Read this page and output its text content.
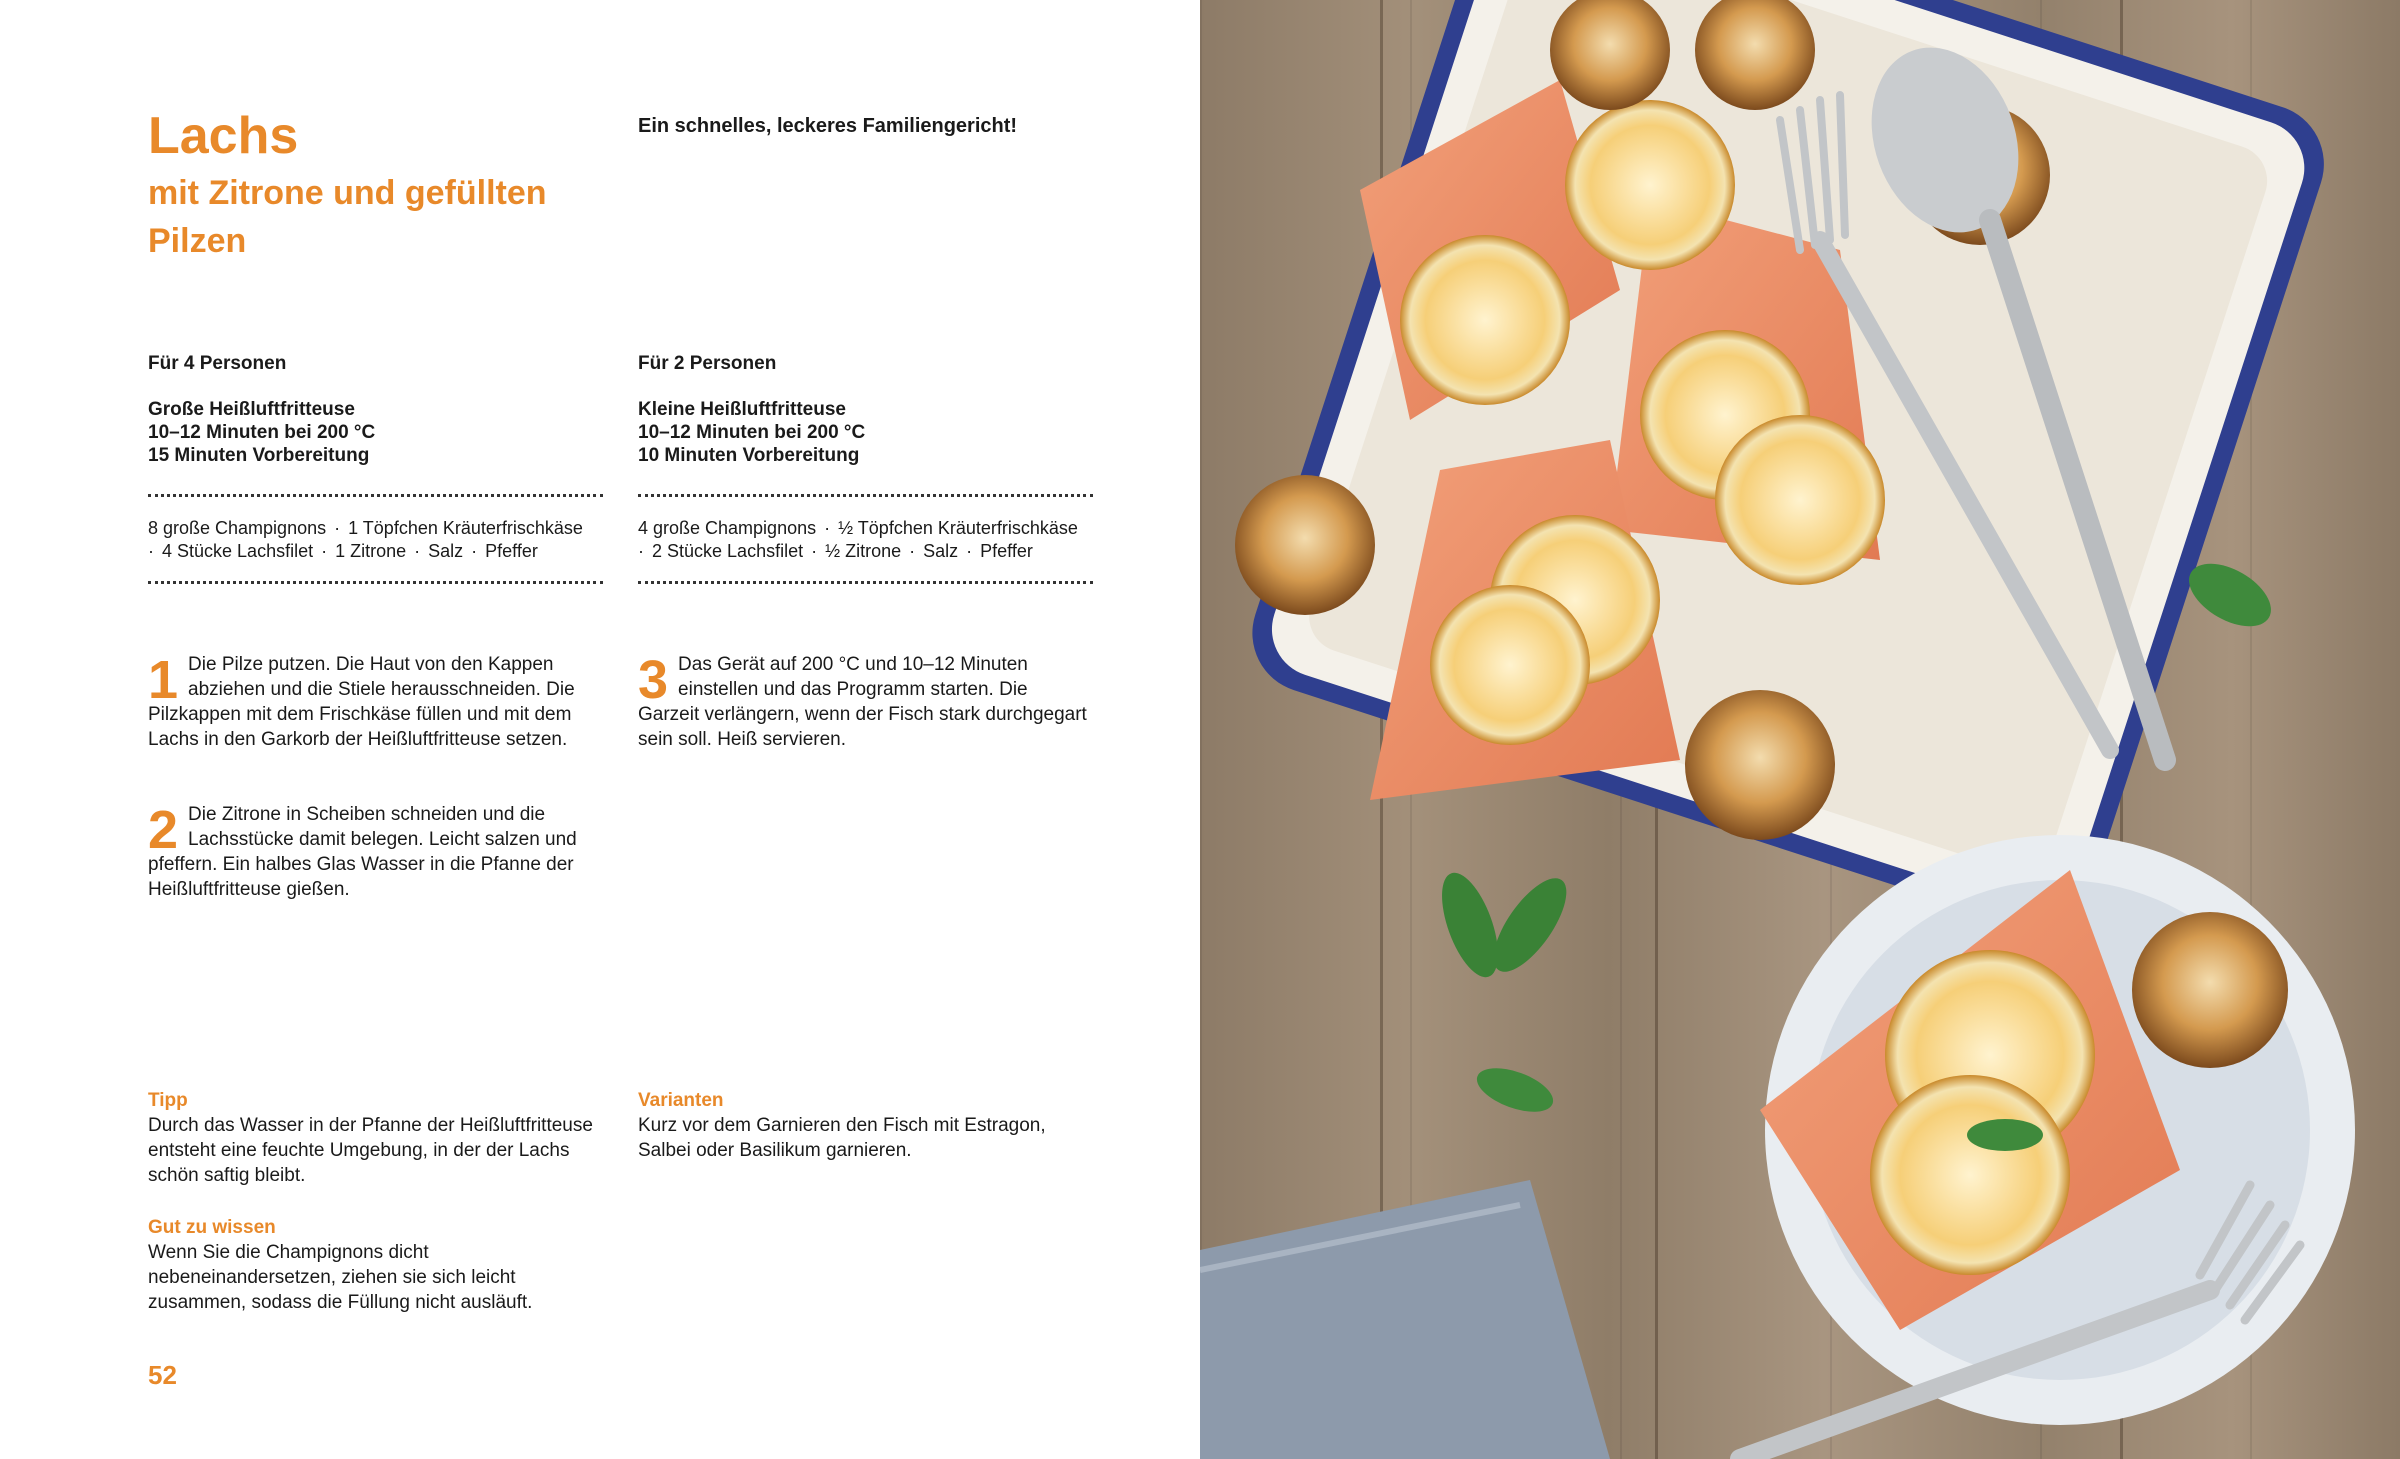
Lachs
mit Zitrone und gefüllten Pilzen
Ein schnelles, leckeres Familiengericht!
Für 4 Personen
Große Heißluftfritteuse
10–12 Minuten bei 200 °C
15 Minuten Vorbereitung
8 große Champignons · 1 Töpfchen Kräuterfrischkäse
· 4 Stücke Lachsfilet · 1 Zitrone · Salz · Pfeffer
Für 2 Personen
Kleine Heißluftfritteuse
10–12 Minuten bei 200 °C
10 Minuten Vorbereitung
4 große Champignons · ½ Töpfchen Kräuterfrischkäse
· 2 Stücke Lachsfilet · ½ Zitrone · Salz · Pfeffer
1 Die Pilze putzen. Die Haut von den Kappen abziehen und die Stiele herausschneiden. Die Pilzkappen mit dem Frischkäse füllen und mit dem Lachs in den Garkorb der Heißluftfritteuse setzen.
2 Die Zitrone in Scheiben schneiden und die Lachsstücke damit belegen. Leicht salzen und pfeffern. Ein halbes Glas Wasser in die Pfanne der Heißluftfritteuse gießen.
3 Das Gerät auf 200 °C und 10–12 Minuten einstellen und das Programm starten. Die Garzeit verlängern, wenn der Fisch stark durchgegart sein soll. Heiß servieren.
Tipp
Durch das Wasser in der Pfanne der Heißluftfritteuse entsteht eine feuchte Umgebung, in der der Lachs schön saftig bleibt.
Gut zu wissen
Wenn Sie die Champignons dicht nebeneinandersetzen, ziehen sie sich leicht zusammen, sodass die Füllung nicht ausläuft.
Varianten
Kurz vor dem Garnieren den Fisch mit Estragon, Salbei oder Basilikum garnieren.
52
